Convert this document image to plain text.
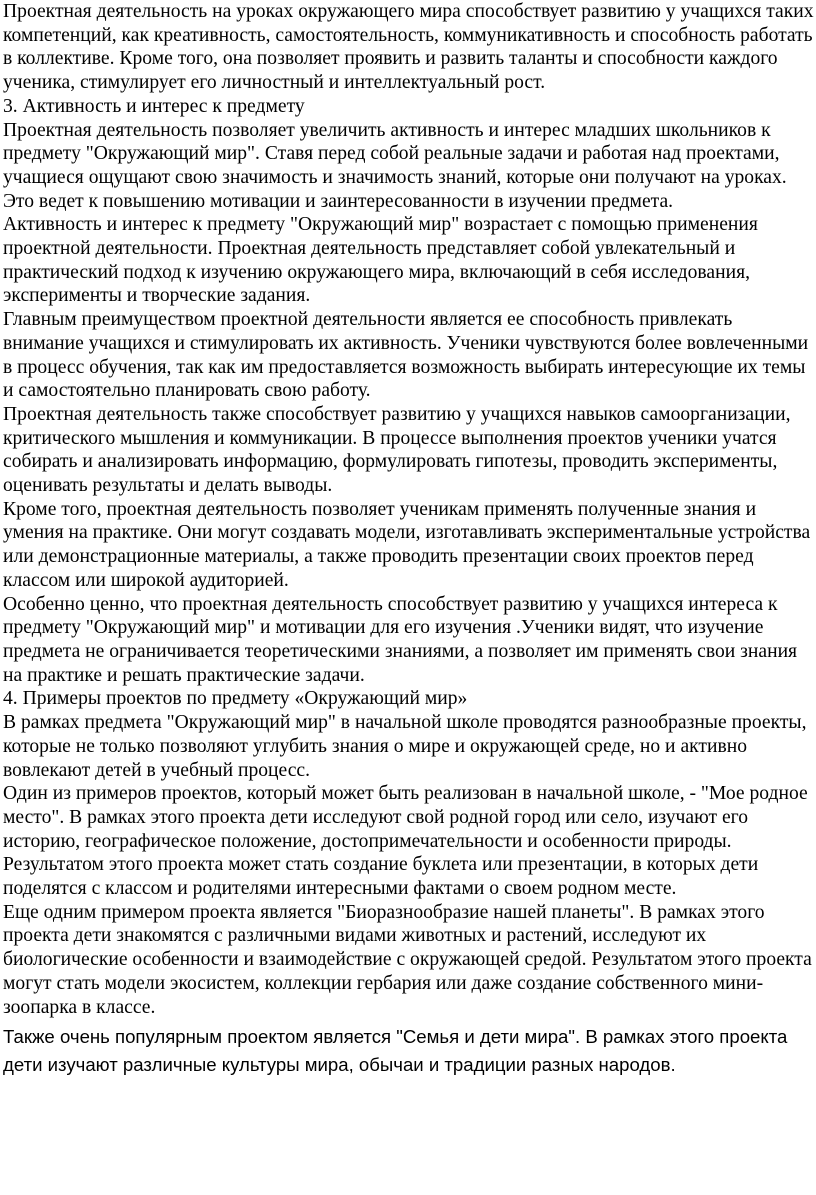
Проектная деятельность на уроках окружающего мира способствует развитию у учащихся таких компетенций, как креативность, самостоятельность, коммуникативность и способность работать в коллективе. Кроме того, она позволяет проявить и развить таланты и способности каждого ученика, стимулирует его личностный и интеллектуальный рост.

3. Активность и интерес к предмету

Проектная деятельность позволяет увеличить активность и интерес младших школьников к предмету "Окружающий мир". Ставя перед собой реальные задачи и работая над проектами, учащиеся ощущают свою значимость и значимость знаний, которые они получают на уроках. Это ведет к повышению мотивации и заинтересованности в изучении предмета.

Активность и интерес к предмету "Окружающий мир" возрастает с помощью применения проектной деятельности. Проектная деятельность представляет собой увлекательный и практический подход к изучению окружающего мира, включающий в себя исследования, эксперименты и творческие задания.

Главным преимуществом проектной деятельности является ее способность привлекать внимание учащихся и стимулировать их активность. Ученики чувствуются более вовлеченными в процесс обучения, так как им предоставляется возможность выбирать интересующие их темы и самостоятельно планировать свою работу.

Проектная деятельность также способствует развитию у учащихся навыков самоорганизации, критического мышления и коммуникации. В процессе выполнения проектов ученики учатся собирать и анализировать информацию, формулировать гипотезы, проводить эксперименты, оценивать результаты и делать выводы.

Кроме того, проектная деятельность позволяет ученикам применять полученные знания и умения на практике. Они могут создавать модели, изготавливать экспериментальные устройства или демонстрационные материалы, а также проводить презентации своих проектов перед классом или широкой аудиторией.

Особенно ценно, что проектная деятельность способствует развитию у учащихся интереса к предмету "Окружающий мир" и мотивации для его изучения .Ученики видят, что изучение предмета не ограничивается теоретическими знаниями, а позволяет им применять свои знания на практике и решать практические задачи.

4. Примеры проектов по предмету «Окружающий мир»

В рамках предмета "Окружающий мир" в начальной школе проводятся разнообразные проекты, которые не только позволяют углубить знания о мире и окружающей среде, но и активно вовлекают детей в учебный процесс.

Один из примеров проектов, который может быть реализован в начальной школе, - "Мое родное место". В рамках этого проекта дети исследуют свой родной город или село, изучают его историю, географическое положение, достопримечательности и особенности природы. Результатом этого проекта может стать создание буклета или презентации, в которых дети поделятся с классом и родителями интересными фактами о своем родном месте.

Еще одним примером проекта является "Биоразнообразие нашей планеты". В рамках этого проекта дети знакомятся с различными видами животных и растений, исследуют их биологические особенности и взаимодействие с окружающей средой. Результатом этого проекта могут стать модели экосистем, коллекции гербария или даже создание собственного мини-зоопарка в классе.

Также очень популярным проектом является "Семья и дети мира". В рамках этого проекта дети изучают различные культуры мира, обычаи и традиции разных народов.
